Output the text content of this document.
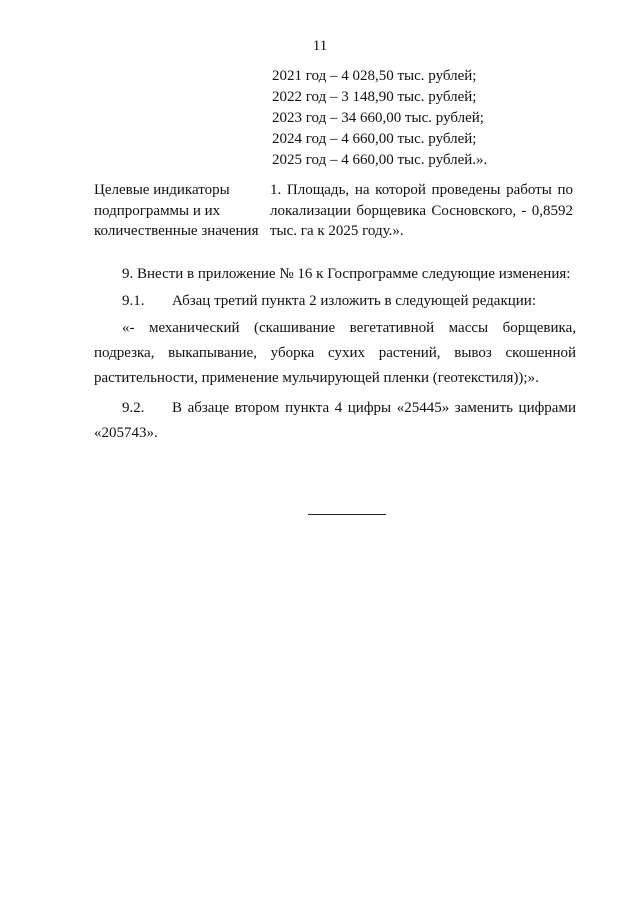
11
2021 год – 4 028,50 тыс. рублей;
2022 год – 3 148,90 тыс. рублей;
2023 год – 34 660,00 тыс. рублей;
2024 год – 4 660,00 тыс. рублей;
2025 год – 4 660,00 тыс. рублей.».
Целевые индикаторы подпрограммы и их количественные значения
1. Площадь, на которой проведены работы по локализации борщевика Сосновского, - 0,8592 тыс. га к 2025 году.».
9. Внести в приложение № 16 к Госпрограмме следующие изменения:
9.1.	Абзац третий пункта 2 изложить в следующей редакции:
«- механический (скашивание вегетативной массы борщевика, подрезка, выкапывание, уборка сухих растений, вывоз скошенной растительности, применение мульчирующей пленки (геотекстиля));».
9.2.	В абзаце втором пункта 4 цифры «25445» заменить цифрами
«205743».
